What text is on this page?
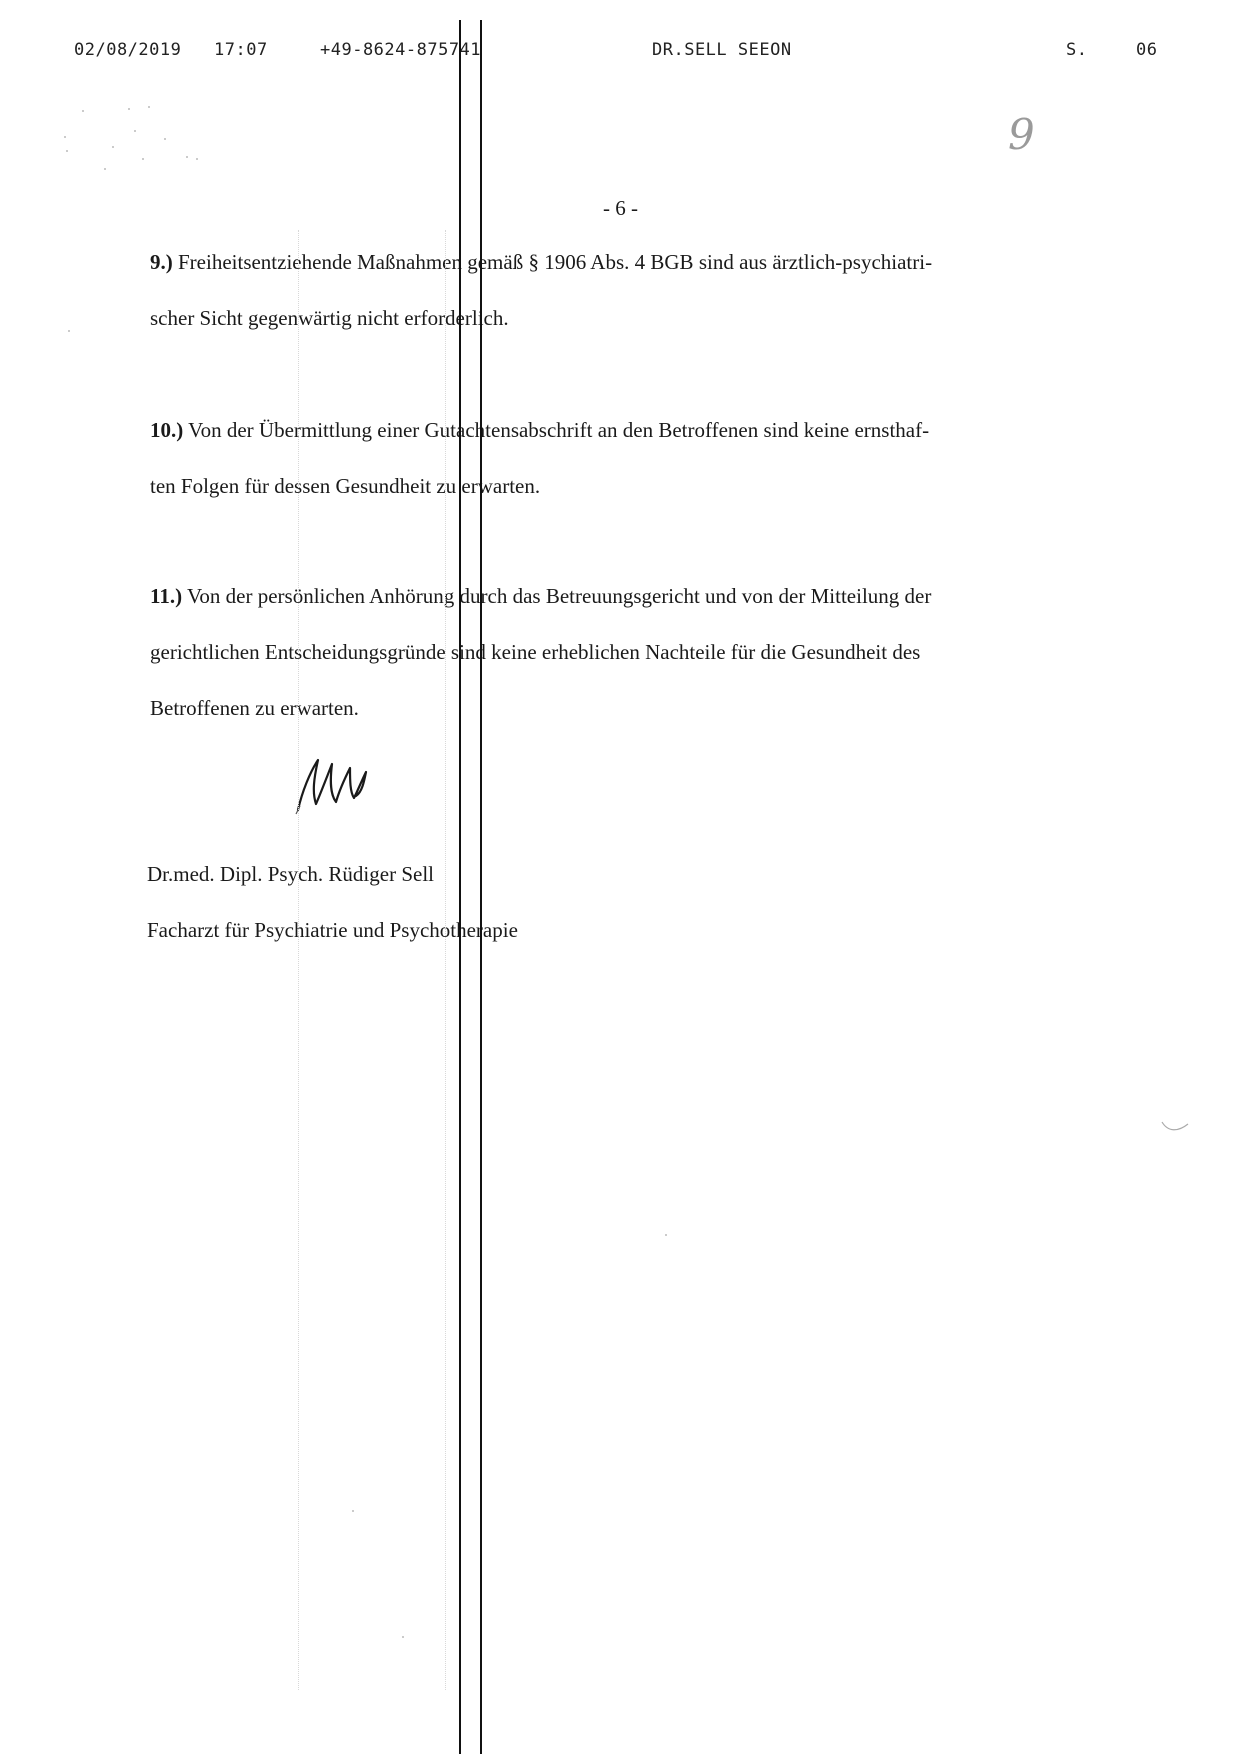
02/08/2019 17:07	+49-8624-875741	DR.SELL SEEON	S.	06
9
- 6 -
9.) Freiheitsentziehende Maßnahmen gemäß § 1906 Abs. 4 BGB sind aus ärztlich-psychiatri-
scher Sicht gegenwärtig nicht erforderlich.
10.) Von der Übermittlung einer Gutachtensabschrift an den Betroffenen sind keine ernsthaf-
ten Folgen für dessen Gesundheit zu erwarten.
11.) Von der persönlichen Anhörung durch das Betreuungsgericht und von der Mitteilung der
gerichtlichen Entscheidungsgründe sind keine erheblichen Nachteile für die Gesundheit des
Betroffenen zu erwarten.
Dr.med. Dipl. Psych. Rüdiger Sell
Facharzt für Psychiatrie und Psychotherapie
